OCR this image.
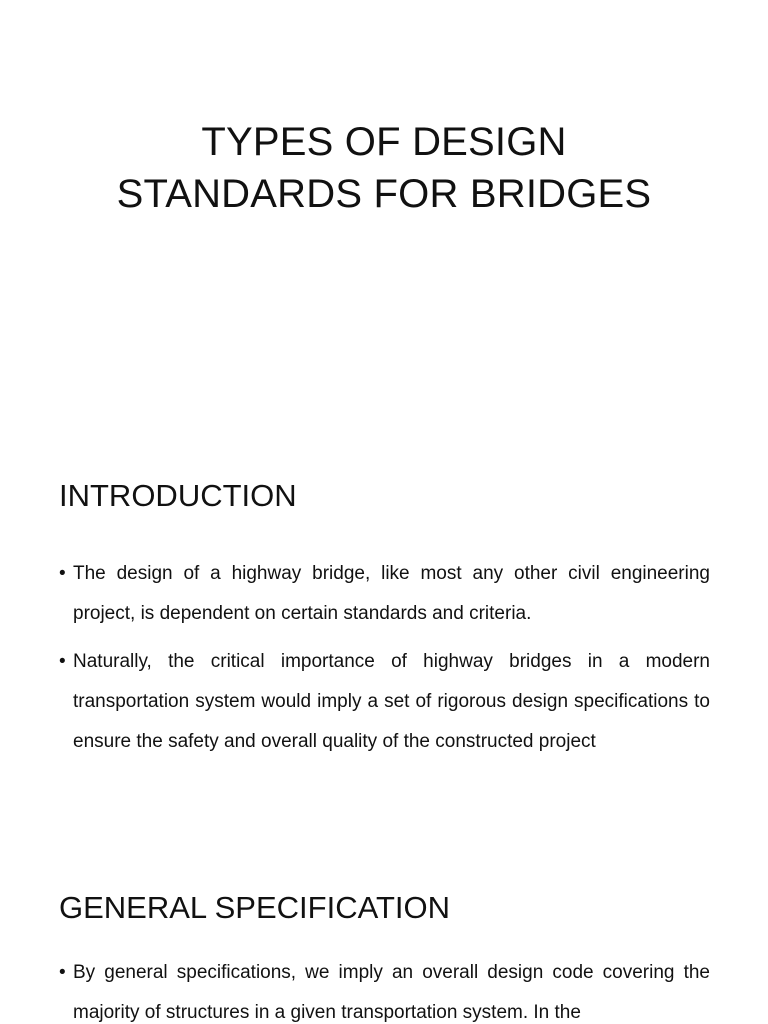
TYPES OF DESIGN
STANDARDS FOR BRIDGES
INTRODUCTION
• The design of a highway bridge, like most any other civil engineering project, is dependent on certain standards and criteria.
• Naturally, the critical importance of highway bridges in a modern transportation system would imply a set of rigorous design specifications to ensure the safety and overall quality of the constructed project
GENERAL SPECIFICATION
• By general specifications, we imply an overall design code covering the majority of structures in a given transportation system. In the
